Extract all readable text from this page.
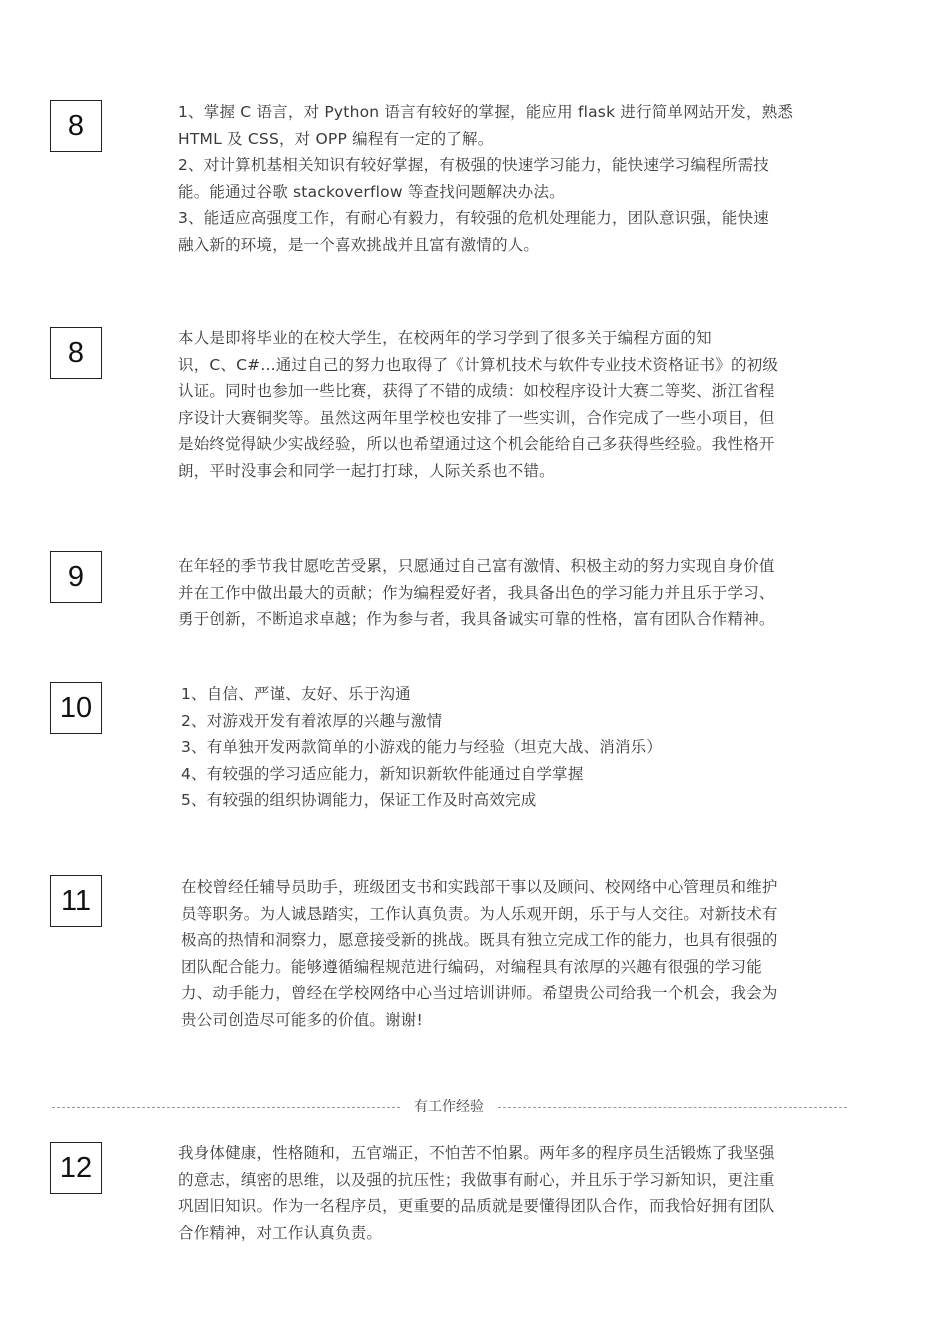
8	1、掌握 C 语言，对 Python 语言有较好的掌握，能应用 flask 进行简单网站开发，熟悉
HTML 及 CSS，对 OPP 编程有一定的了解。
2、对计算机基相关知识有较好掌握，有极强的快速学习能力，能快速学习编程所需技
能。能通过谷歌 stackoverflow 等查找问题解决办法。
3、能适应高强度工作，有耐心有毅力，有较强的危机处理能力，团队意识强，能快速
融入新的环境，是一个喜欢挑战并且富有激情的人。
8	本人是即将毕业的在校大学生，在校两年的学习学到了很多关于编程方面的知
识，C、C#...通过自己的努力也取得了《计算机技术与软件专业技术资格证书》的初级
认证。同时也参加一些比赛，获得了不错的成绩：如校程序设计大赛二等奖、浙江省程
序设计大赛铜奖等。虽然这两年里学校也安排了一些实训，合作完成了一些小项目，但
是始终觉得缺少实战经验，所以也希望通过这个机会能给自己多获得些经验。我性格开
朗，平时没事会和同学一起打打球，人际关系也不错。
9	在年轻的季节我甘愿吃苦受累，只愿通过自己富有激情、积极主动的努力实现自身价值
并在工作中做出最大的贡献；作为编程爱好者，我具备出色的学习能力并且乐于学习、
勇于创新，不断追求卓越；作为参与者，我具备诚实可靠的性格，富有团队合作精神。
10	1、自信、严谨、友好、乐于沟通
2、对游戏开发有着浓厚的兴趣与激情
3、有单独开发两款简单的小游戏的能力与经验（坦克大战、消消乐）
4、有较强的学习适应能力，新知识新软件能通过自学掌握
5、有较强的组织协调能力，保证工作及时高效完成
11	在校曾经任辅导员助手，班级团支书和实践部干事以及顾问、校网络中心管理员和维护
员等职务。为人诚恳踏实，工作认真负责。为人乐观开朗，乐于与人交往。对新技术有
极高的热情和洞察力，愿意接受新的挑战。既具有独立完成工作的能力，也具有很强的
团队配合能力。能够遵循编程规范进行编码，对编程具有浓厚的兴趣有很强的学习能
力、动手能力，曾经在学校网络中心当过培训讲师。希望贵公司给我一个机会，我会为
贵公司创造尽可能多的价值。谢谢!
有工作经验
12	我身体健康，性格随和，五官端正，不怕苦不怕累。两年多的程序员生活锻炼了我坚强
的意志，缜密的思维，以及强的抗压性；我做事有耐心，并且乐于学习新知识，更注重
巩固旧知识。作为一名程序员，更重要的品质就是要懂得团队合作，而我恰好拥有团队
合作精神，对工作认真负责。
